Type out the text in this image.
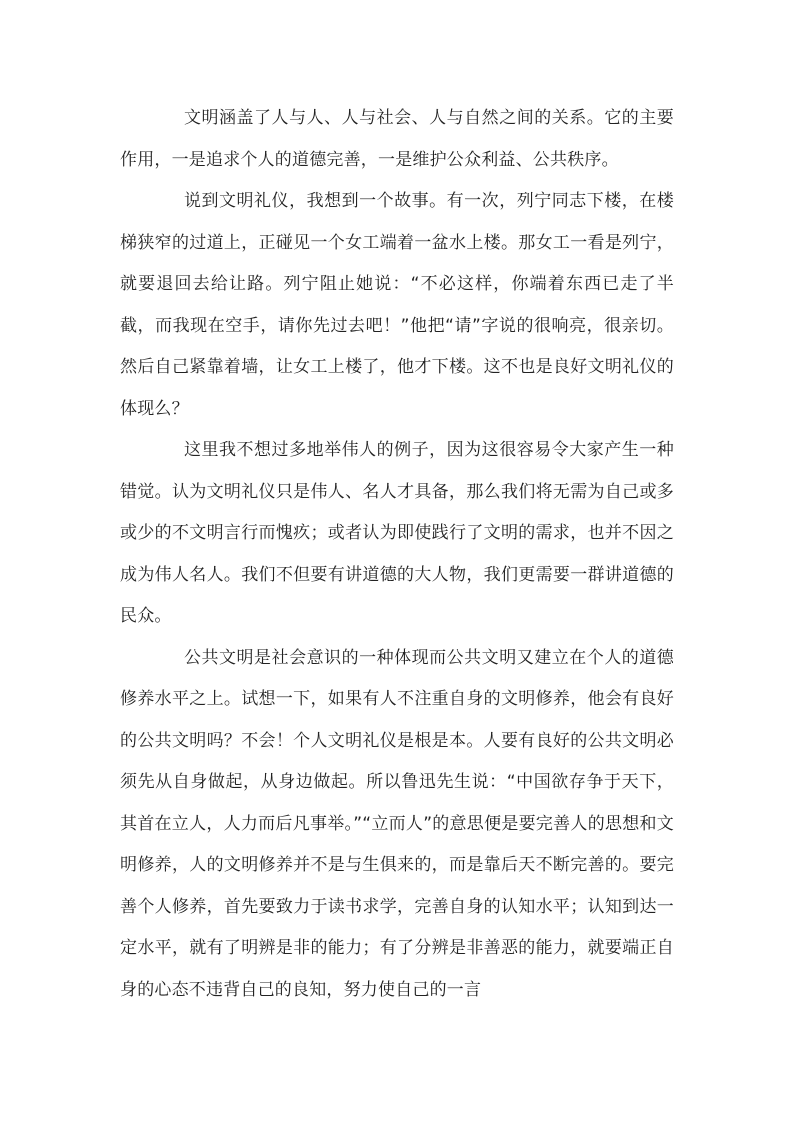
文明涵盖了人与人、人与社会、人与自然之间的关系。它的主要作用，一是追求个人的道德完善，一是维护公众利益、公共秩序。

说到文明礼仪，我想到一个故事。有一次，列宁同志下楼，在楼梯狭窄的过道上，正碰见一个女工端着一盆水上楼。那女工一看是列宁，就要退回去给让路。列宁阻止她说：“不必这样，你端着东西已走了半截，而我现在空手，请你先过去吧！”他把“请”字说的很响亮，很亲切。然后自己紧靠着墙，让女工上楼了，他才下楼。这不也是良好文明礼仪的体现么？

这里我不想过多地举伟人的例子，因为这很容易令大家产生一种错觉。认为文明礼仪只是伟人、名人才具备，那么我们将无需为自己或多或少的不文明言行而愧疚；或者认为即使践行了文明的需求，也并不因之成为伟人名人。我们不但要有讲道德的大人物，我们更需要一群讲道德的民众。

公共文明是社会意识的一种体现而公共文明又建立在个人的道德修养水平之上。试想一下，如果有人不注重自身的文明修养，他会有良好的公共文明吗？不会！个人文明礼仪是根是本。人要有良好的公共文明必须先从自身做起，从身边做起。所以鲁迅先生说：“中国欲存争于天下，其首在立人，人力而后凡事举。”“立而人”的意思便是要完善人的思想和文明修养，人的文明修养并不是与生俱来的，而是靠后天不断完善的。要完善个人修养，首先要致力于读书求学，完善自身的认知水平；认知到达一定水平，就有了明辨是非的能力；有了分辨是非善恶的能力，就要端正自身的心态不违背自己的良知，努力使自己的一言
